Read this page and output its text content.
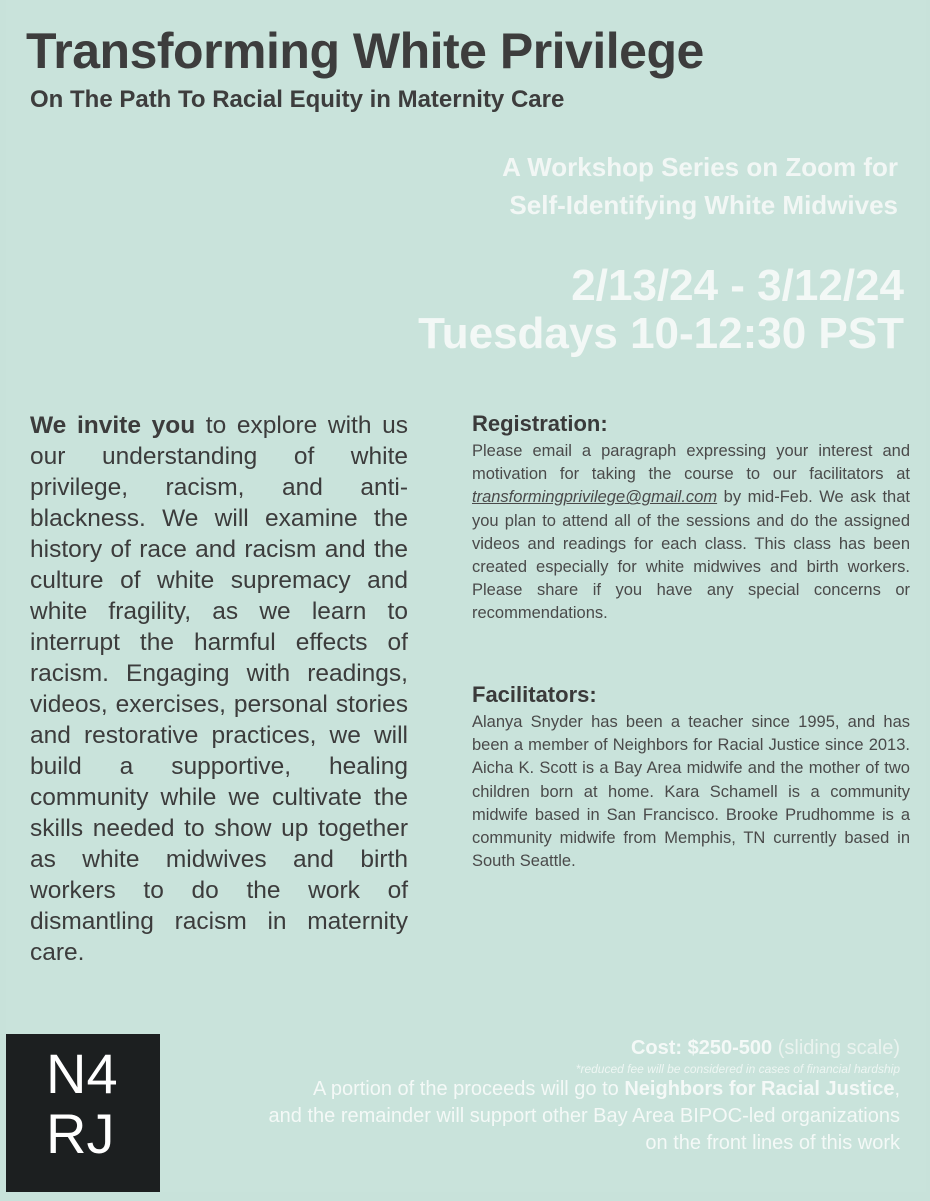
Transforming White Privilege
On The Path To Racial Equity in Maternity Care
A Workshop Series on Zoom for
Self-Identifying White Midwives
2/13/24 - 3/12/24
Tuesdays 10-12:30 PST
We invite you to explore with us our understanding of white privilege, racism, and anti-blackness. We will examine the history of race and racism and the culture of white supremacy and white fragility, as we learn to interrupt the harmful effects of racism. Engaging with readings, videos, exercises, personal stories and restorative practices, we will build a supportive, healing community while we cultivate the skills needed to show up together as white midwives and birth workers to do the work of dismantling racism in maternity care.
Registration:

Please email a paragraph expressing your interest and motivation for taking the course to our facilitators at transformingprivilege@gmail.com by mid-Feb. We ask that you plan to attend all of the sessions and do the assigned videos and readings for each class. This class has been created especially for white midwives and birth workers. Please share if you have any special concerns or recommendations.

Facilitators:

Alanya Snyder has been a teacher since 1995, and has been a member of Neighbors for Racial Justice since 2013. Aicha K. Scott is a Bay Area midwife and the mother of two children born at home. Kara Schamell is a community midwife based in San Francisco. Brooke Prudhomme is a community midwife from Memphis, TN currently based in South Seattle.

N4
RJ
Cost: $250-500 (sliding scale)
*reduced fee will be considered in cases of financial hardship
A portion of the proceeds will go to Neighbors for Racial Justice,
and the remainder will support other Bay Area BIPOC-led organizations
on the front lines of this work
